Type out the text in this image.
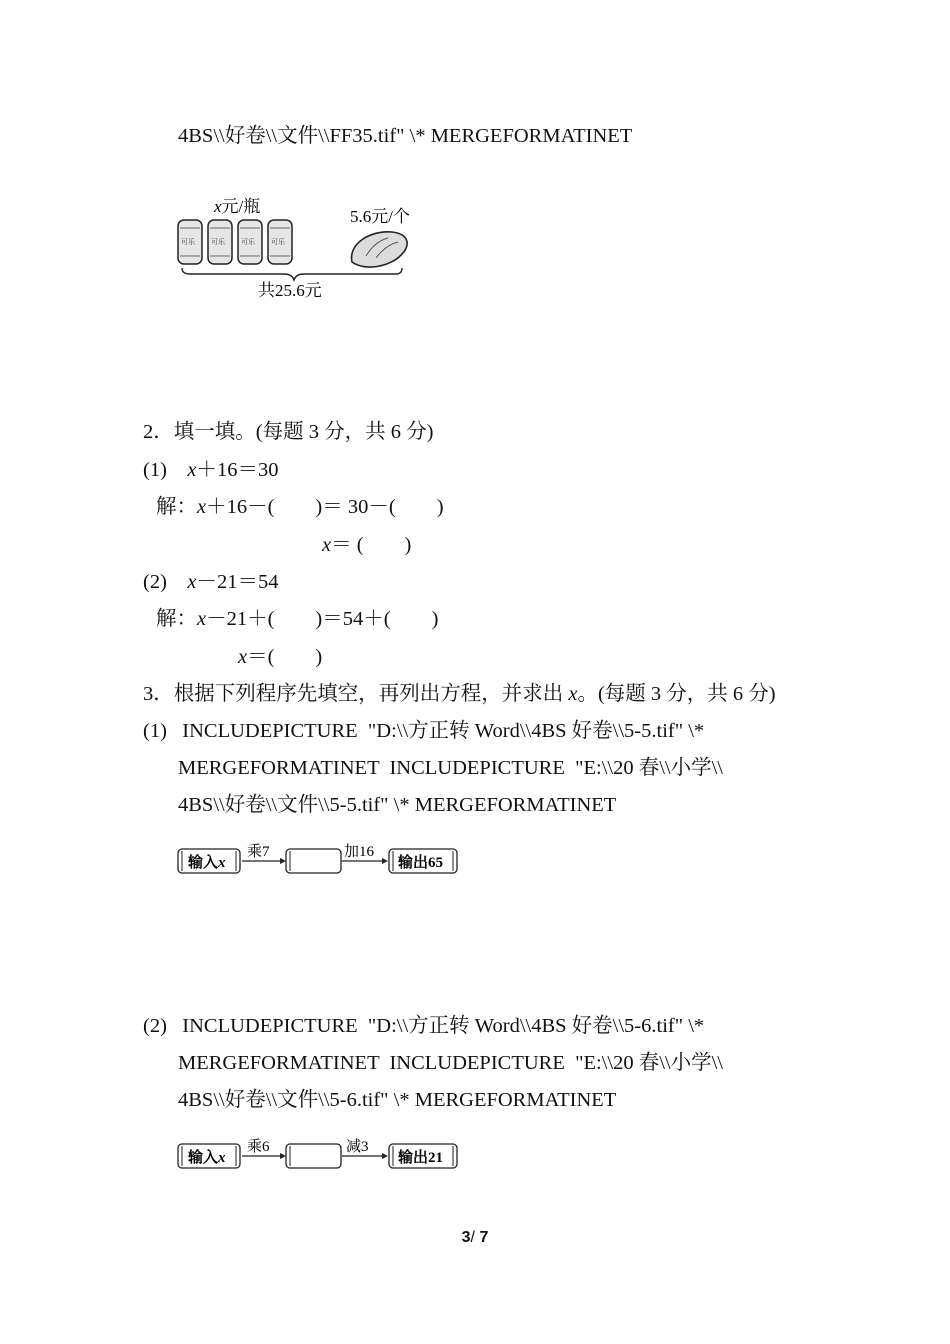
4BS\\好卷\\文件\\FF35.tif" \* MERGEFORMATINET
x元/瓶
可乐 可乐 可乐 可乐
5.6元/个
共25.6元
2．填一填。(每题 3 分，共 6 分)
(1) x＋16＝30
解：x＋16－(        )＝ 30－(        )
x＝ (        )
(2) x－21＝54
解：x－21＋(        )＝54＋(        )
x＝(        )
3．根据下列程序先填空，再列出方程，并求出 x。(每题 3 分，共 6 分)
(1)   INCLUDEPICTURE  "D:\\方正转 Word\\4BS 好卷\\5-5.tif" \*
MERGEFORMATINET  INCLUDEPICTURE  "E:\\20 春\\小学\\
4BS\\好卷\\文件\\5-5.tif" \* MERGEFORMATINET
输入x
乘7	加16
输出65
(2)   INCLUDEPICTURE  "D:\\方正转 Word\\4BS 好卷\\5-6.tif" \*
MERGEFORMATINET  INCLUDEPICTURE  "E:\\20 春\\小学\\
4BS\\好卷\\文件\\5-6.tif" \* MERGEFORMATINET
输入x
乘6	减3
输出21
3/ 7
